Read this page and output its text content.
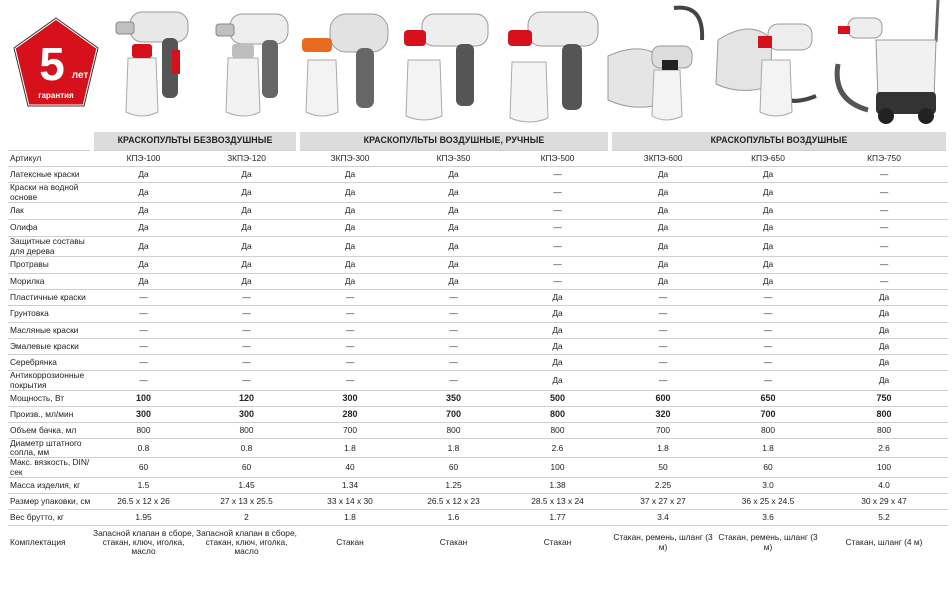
5 лет
гарантия
	КРАСКОПУЛЬТЫ БЕЗВОЗДУШНЫЕ		КРАСКОПУЛЬТЫ ВОЗДУШНЫЕ, РУЧНЫЕ			КРАСКОПУЛЬТЫ ВОЗДУШНЫЕ		
Артикул	КПЭ-100	ЗКПЭ-120	ЗКПЭ-300	КПЭ-350	КПЭ-500	ЗКПЭ-600	КПЭ-650	КПЭ-750
Латексные краски	Да	Да	Да	Да	—	Да	Да	—
Краски на водной основе	Да	Да	Да	Да	—	Да	Да	—
Лак	Да	Да	Да	Да	—	Да	Да	—
Олифа	Да	Да	Да	Да	—	Да	Да	—
Защитные составы для дерева	Да	Да	Да	Да	—	Да	Да	—
Протравы	Да	Да	Да	Да	—	Да	Да	—
Морилка	Да	Да	Да	Да	—	Да	Да	—
Пластичные краски	—	—	—	—	Да	—	—	Да
Грунтовка	—	—	—	—	Да	—	—	Да
Масляные краски	—	—	—	—	Да	—	—	Да
Эмалевые краски	—	—	—	—	Да	—	—	Да
Серебрянка	—	—	—	—	Да	—	—	Да
Антикоррозионные покрытия	—	—	—	—	Да	—	—	Да
Мощность, Вт	100	120	300	350	500	600	650	750
Произв., мл/мин	300	300	280	700	800	320	700	800
Объем бачка, мл	800	800	700	800	800	700	800	800
Диаметр штатного сопла, мм	0.8	0.8	1.8	1.8	2.6	1.8	1.8	2.6
Макс. вязкость, DIN/сек	60	60	40	60	100	50	60	100
Масса изделия, кг	1.5	1.45	1.34	1.25	1.38	2.25	3.0	4.0
Размер упаковки, см	26.5 x 12 x 26	27 x 13 x 25.5	33 x 14 x 30	26.5 x 12 x 23	28.5 x 13 x 24	37 x 27 x 27	36 x 25 x 24.5	30 x 29 x 47
Вес брутто, кг	1.95	2	1.8	1.6	1.77	3.4	3.6	5.2
Комплектация	Запасной клапан в сборе, стакан, ключ, иголка, масло	Запасной клапан в сборе, стакан, ключ, иголка, масло	Стакан	Стакан	Стакан	Стакан, ремень, шланг (3 м)	Стакан, ремень, шланг (3 м)	Стакан, шланг (4 м)
